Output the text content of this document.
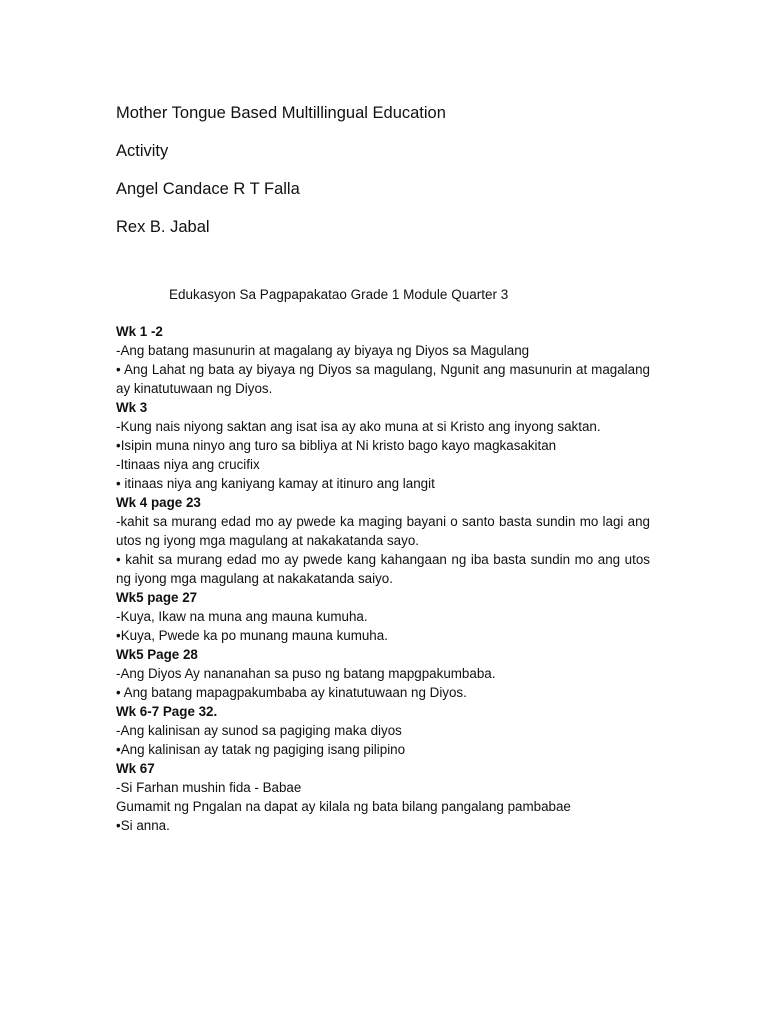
Mother Tongue Based Multillingual Education

Activity

Angel Candace R T Falla

Rex B. Jabal

Edukasyon Sa Pagpapakatao Grade 1 Module Quarter 3

Wk 1 -2

-Ang batang masunurin at magalang ay biyaya ng Diyos sa Magulang

• Ang Lahat ng bata ay biyaya ng Diyos sa magulang, Ngunit ang masunurin at magalang ay kinatutuwaan ng Diyos.

Wk 3

-Kung nais niyong saktan ang isat isa ay ako muna at si Kristo ang inyong saktan.

•Isipin muna ninyo ang turo sa bibliya at Ni kristo bago kayo magkasakitan

-Itinaas niya ang crucifix

• itinaas niya ang kaniyang kamay at itinuro ang langit

Wk 4 page 23

-kahit sa murang edad mo ay pwede ka maging bayani o santo basta sundin mo lagi ang utos ng iyong mga magulang at nakakatanda sayo.

• kahit sa murang edad mo ay pwede kang kahangaan ng iba basta sundin mo ang utos ng iyong mga magulang at nakakatanda saiyo.

Wk5 page 27

-Kuya, Ikaw na muna ang mauna kumuha.

•Kuya, Pwede ka po munang mauna kumuha.

Wk5 Page 28

-Ang Diyos Ay nananahan sa puso ng batang mapgpakumbaba.

• Ang batang mapagpakumbaba ay kinatutuwaan ng Diyos.

Wk 6-7 Page 32.

-Ang kalinisan ay sunod sa pagiging maka diyos

•Ang kalinisan ay tatak ng pagiging isang pilipino

Wk 67

-Si Farhan mushin fida - Babae

Gumamit ng Pngalan na dapat ay kilala ng bata bilang pangalang pambabae

•Si anna.
